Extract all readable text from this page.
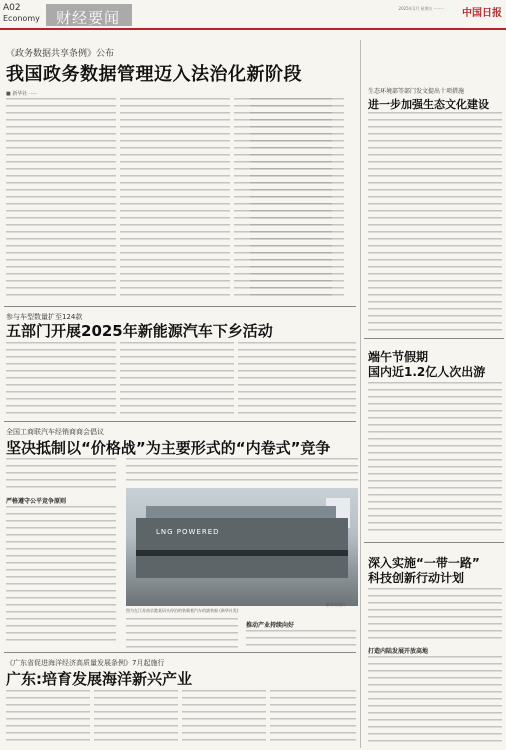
A02
Economy	财经要闻
2025年1月 星期五 ········ 中国日报
《政务数据共享条例》公布
我国政务数据管理迈入法治化新阶段
■ 新华社 ·····	生态环境部等部门发文提出十项措施
进一步加强生态文化建设
端午节假期
国内近1.2亿人次出游
深入实施“一带一路”
科技创新行动计划
打造内陆发展开放高地
参与车型数量扩至124款
五部门开展2025年新能源汽车下乡活动
全国工商联汽车经销商商会倡议
坚决抵制以“价格战”为主要形式的“内卷式”竞争
严格遵守公平竞争原则
LNG POWERED
新华社图片
图为在江苏南京港某码头停泊的装载着汽车的滚装船 (新华社发)
推动产业持续向好
《广东省促进海洋经济高质量发展条例》7月起施行
广东:培育发展海洋新兴产业
